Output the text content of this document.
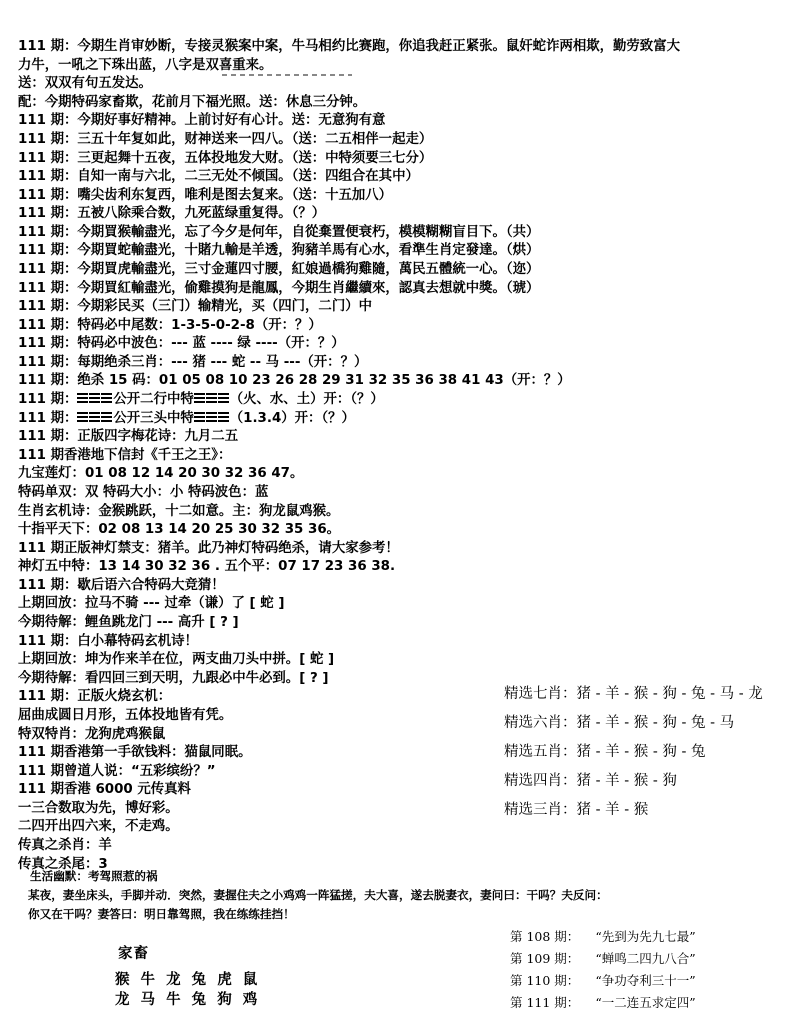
111 期：今期生肖审妙断，专接灵猴案中案，牛马相约比赛跑，你追我赶正紧张。鼠奸蛇诈两相欺，勤劳致富大
力牛，一吼之下珠出蓝，八字是双喜重来。
送：双双有句五发达。
配：今期特码家畜欺，花前月下福光照。送：休息三分钟。
111 期：今期好事好精神。上前讨好有心计。送：无意狗有意
111 期：三五十年复如此，财神送来一四八。（送：二五相伴一起走）
111 期：三更起舞十五夜，五体投地发大财。（送：中特须要三七分）
111 期：自知一南与六北，二三无处不倾国。（送：四组合在其中）
111 期：嘴尖齿利东复西，唯利是图去复来。（送：十五加八）
111 期：五被八除乘合数，九死蓝绿重复得。（？）
111 期：今期買猴輸盡光，忘了今夕是何年，自從棄置便衰朽，模模糊糊盲目下。（共）
111 期：今期買蛇輸盡光，十賭九輸是羊透，狗豬羊馬有心水，看準生肖定發達。（烘）
111 期：今期買虎輸盡光，三寸金蓮四寸腰，紅娘過橋狗雞隨，萬民五體統一心。（迩）
111 期：今期買紅輸盡光，偷雞摸狗是龍鳳，今期生肖繼續來，認真去想就中獎。（琥）
111 期：今期彩民买（三门）输精光，买（四门，二门）中
111 期：特码必中尾数：1-3-5-0-2-8（开：？）
111 期：特码必中波色：--- 蓝 ---- 绿 ----（开：？）
111 期：每期绝杀三肖：--- 猪 --- 蛇 -- 马 ---（开：？）
111 期：绝杀 15 码：01 05 08 10 23 26 28 29 31 32 35 36 38 41 43（开：？）
111 期：	公开二行中特	（火、水、土）开：（？）
111 期：	公开三头中特	（1.3.4）开：（？）
111 期：正版四字梅花诗：九月二五
111 期香港地下信封《千王之王》：
九宝莲灯：01 08 12 14 20 30 32 36 47。
特码单双：双 特码大小：小 特码波色：蓝
生肖玄机诗：金猴跳跃，十二如意。主：狗龙鼠鸡猴。
十指平天下：02 08 13 14 20 25 30 32 35 36。
111 期正版神灯禁支：猪羊。此乃神灯特码绝杀，请大家参考！
神灯五中特：13 14 30 32 36 . 五个平：07 17 23 36 38.
111 期：歇后语六合特码大竞猜！
上期回放：拉马不骑 --- 过牵（谦）了 [ 蛇 ]
今期待解：鲤鱼跳龙门 --- 高升 [ ? ]
111 期：白小幕特码玄机诗！
上期回放：坤为作来羊在位，两支曲刀头中拼。[ 蛇 ]
今期待解：看四回三到天明，九跟必中牛必到。[ ? ]
111 期：正版火烧玄机：
屈曲成圆日月形，五体投地皆有凭。
特双特肖：龙狗虎鸡猴鼠
111 期香港第一手欲钱料：猫鼠同眠。
111 期曾道人说：“五彩缤纷？”
111 期香港 6000 元传真料
一三合数取为先，博好彩。
二四开出四六来，不走鸡。
传真之杀肖：羊
传真之杀尾：3
精选七肖：猪 - 羊 - 猴 - 狗 - 兔 - 马 - 龙
精选六肖：猪 - 羊 - 猴 - 狗 - 兔 - 马
精选五肖：猪 - 羊 - 猴 - 狗 - 兔
精选四肖：猪 - 羊 - 猴 - 狗
精选三肖：猪 - 羊 - 猴
生活幽默：考驾照惹的祸
某夜，妻坐床头，手脚并动．突然，妻握住夫之小鸡鸡一阵猛搓，夫大喜，遂去脱妻衣，妻问曰：干吗？夫反问：
你又在干吗？妻答曰：明日靠驾照，我在练练挂挡！
家畜
猴 牛 龙 兔 虎 鼠
龙 马 牛 兔 狗 鸡
第 108 期： “先到为先九七最”
第 109 期： “蝉鸣二四九八合”
第 110 期： “争功夺利三十一”
第 111 期： “一二连五求定四”
